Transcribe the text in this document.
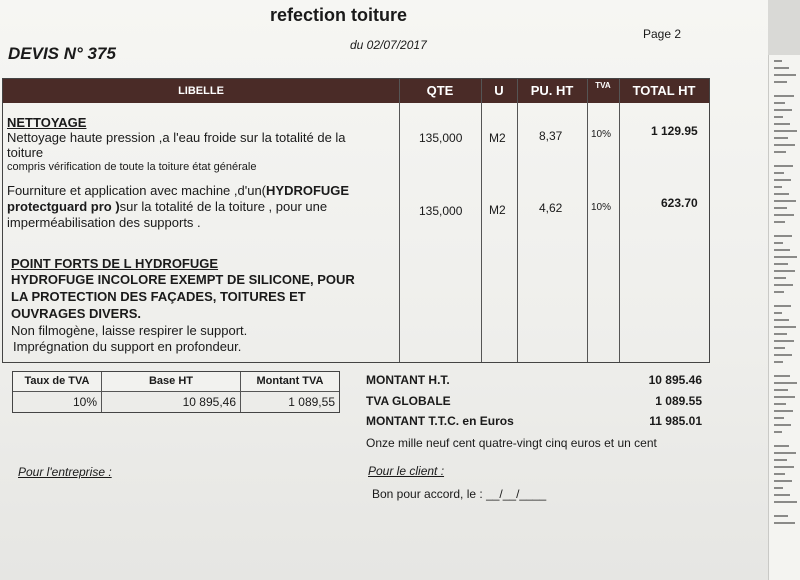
refection toiture
DEVIS N° 375	du 02/07/2017
Page 2
LIBELLE	QTE	U	PU. HT	TVA	TOTAL HT
NETTOYAGE
Nettoyage haute pression ,a l'eau froide sur la totalité de la
toiture
compris vérification de toute la toiture état générale
135,000 M2	8,37	10%	1 129.95
Fourniture et application avec machine ,d'un(HYDROFUGE
protectguard pro )sur la totalité de la toiture , pour une
imperméabilisation des supports .
135,000 M2	4,62	10%	623.70
POINT FORTS DE L HYDROFUGE
HYDROFUGE INCOLORE EXEMPT DE SILICONE, POUR
LA PROTECTION DES FAÇADES, TOITURES ET
OUVRAGES DIVERS.
Non filmogène, laisse respirer le support.
Imprégnation du support en profondeur.
Taux de TVA	Base HT	Montant TVA
10%	10 895,46	1 089,55
MONTANT H.T.	10 895.46
TVA GLOBALE	1 089.55
MONTANT T.T.C. en Euros	11 985.01
Onze mille neuf cent quatre-vingt cinq euros et un cent
Pour l'entreprise :	Pour le client :
Bon pour accord, le : __/__/____
